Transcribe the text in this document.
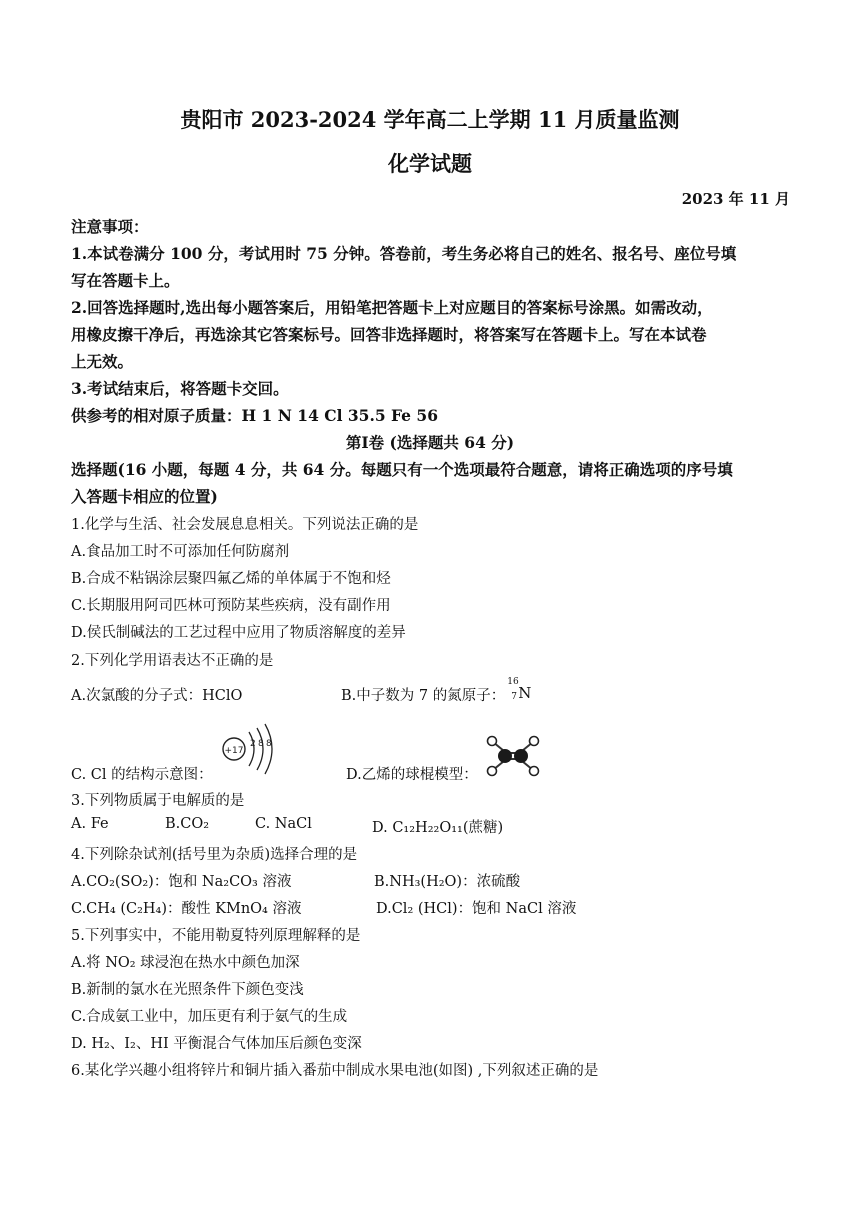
贵阳市 2023-2024 学年高二上学期 11 月质量监测
化学试题
2023 年 11 月
注意事项：
1.本试卷满分 100 分，考试用时 75 分钟。答卷前，考生务必将自己的姓名、报名号、座位号填
写在答题卡上。
2.回答选择题时,选出每小题答案后，用铅笔把答题卡上对应题目的答案标号涂黑。如需改动，
用橡皮擦干净后，再选涂其它答案标号。回答非选择题时，将答案写在答题卡上。写在本试卷
上无效。
3.考试结束后，将答题卡交回。
供参考的相对原子质量：H 1 N 14 Cl 35.5 Fe 56
第Ⅰ卷 (选择题共 64 分)
选择题(16 小题，每题 4 分，共 64 分。每题只有一个选项最符合题意，请将正确选项的序号填
入答题卡相应的位置)
1.化学与生活、社会发展息息相关。下列说法正确的是
A.食品加工时不可添加任何防腐剂
B.合成不粘锅涂层聚四氟乙烯的单体属于不饱和烃
C.长期服用阿司匹林可预防某些疾病，没有副作用
D.侯氏制碱法的工艺过程中应用了物质溶解度的差异
2.下列化学用语表达不正确的是
A.次氯酸的分子式：HClO	B.中子数为 7 的氮原子：
16
7 N
C. Cl 的结构示意图：
+17
2 8 8
D.乙烯的球棍模型：
3.下列物质属于电解质的是
A. Fe	B.CO₂	C. NaCl	D. C₁₂H₂₂O₁₁(蔗糖)
4.下列除杂试剂(括号里为杂质)选择合理的是
A.CO₂(SO₂)：饱和 Na₂CO₃ 溶液	B.NH₃(H₂O)：浓硫酸
C.CH₄ (C₂H₄)：酸性 KMnO₄ 溶液	D.Cl₂ (HCl)：饱和 NaCl 溶液
5.下列事实中，不能用勒夏特列原理解释的是
A.将 NO₂ 球浸泡在热水中颜色加深
B.新制的氯水在光照条件下颜色变浅
C.合成氨工业中，加压更有利于氨气的生成
D. H₂、I₂、HI 平衡混合气体加压后颜色变深
6.某化学兴趣小组将锌片和铜片插入番茄中制成水果电池(如图) ,下列叙述正确的是
